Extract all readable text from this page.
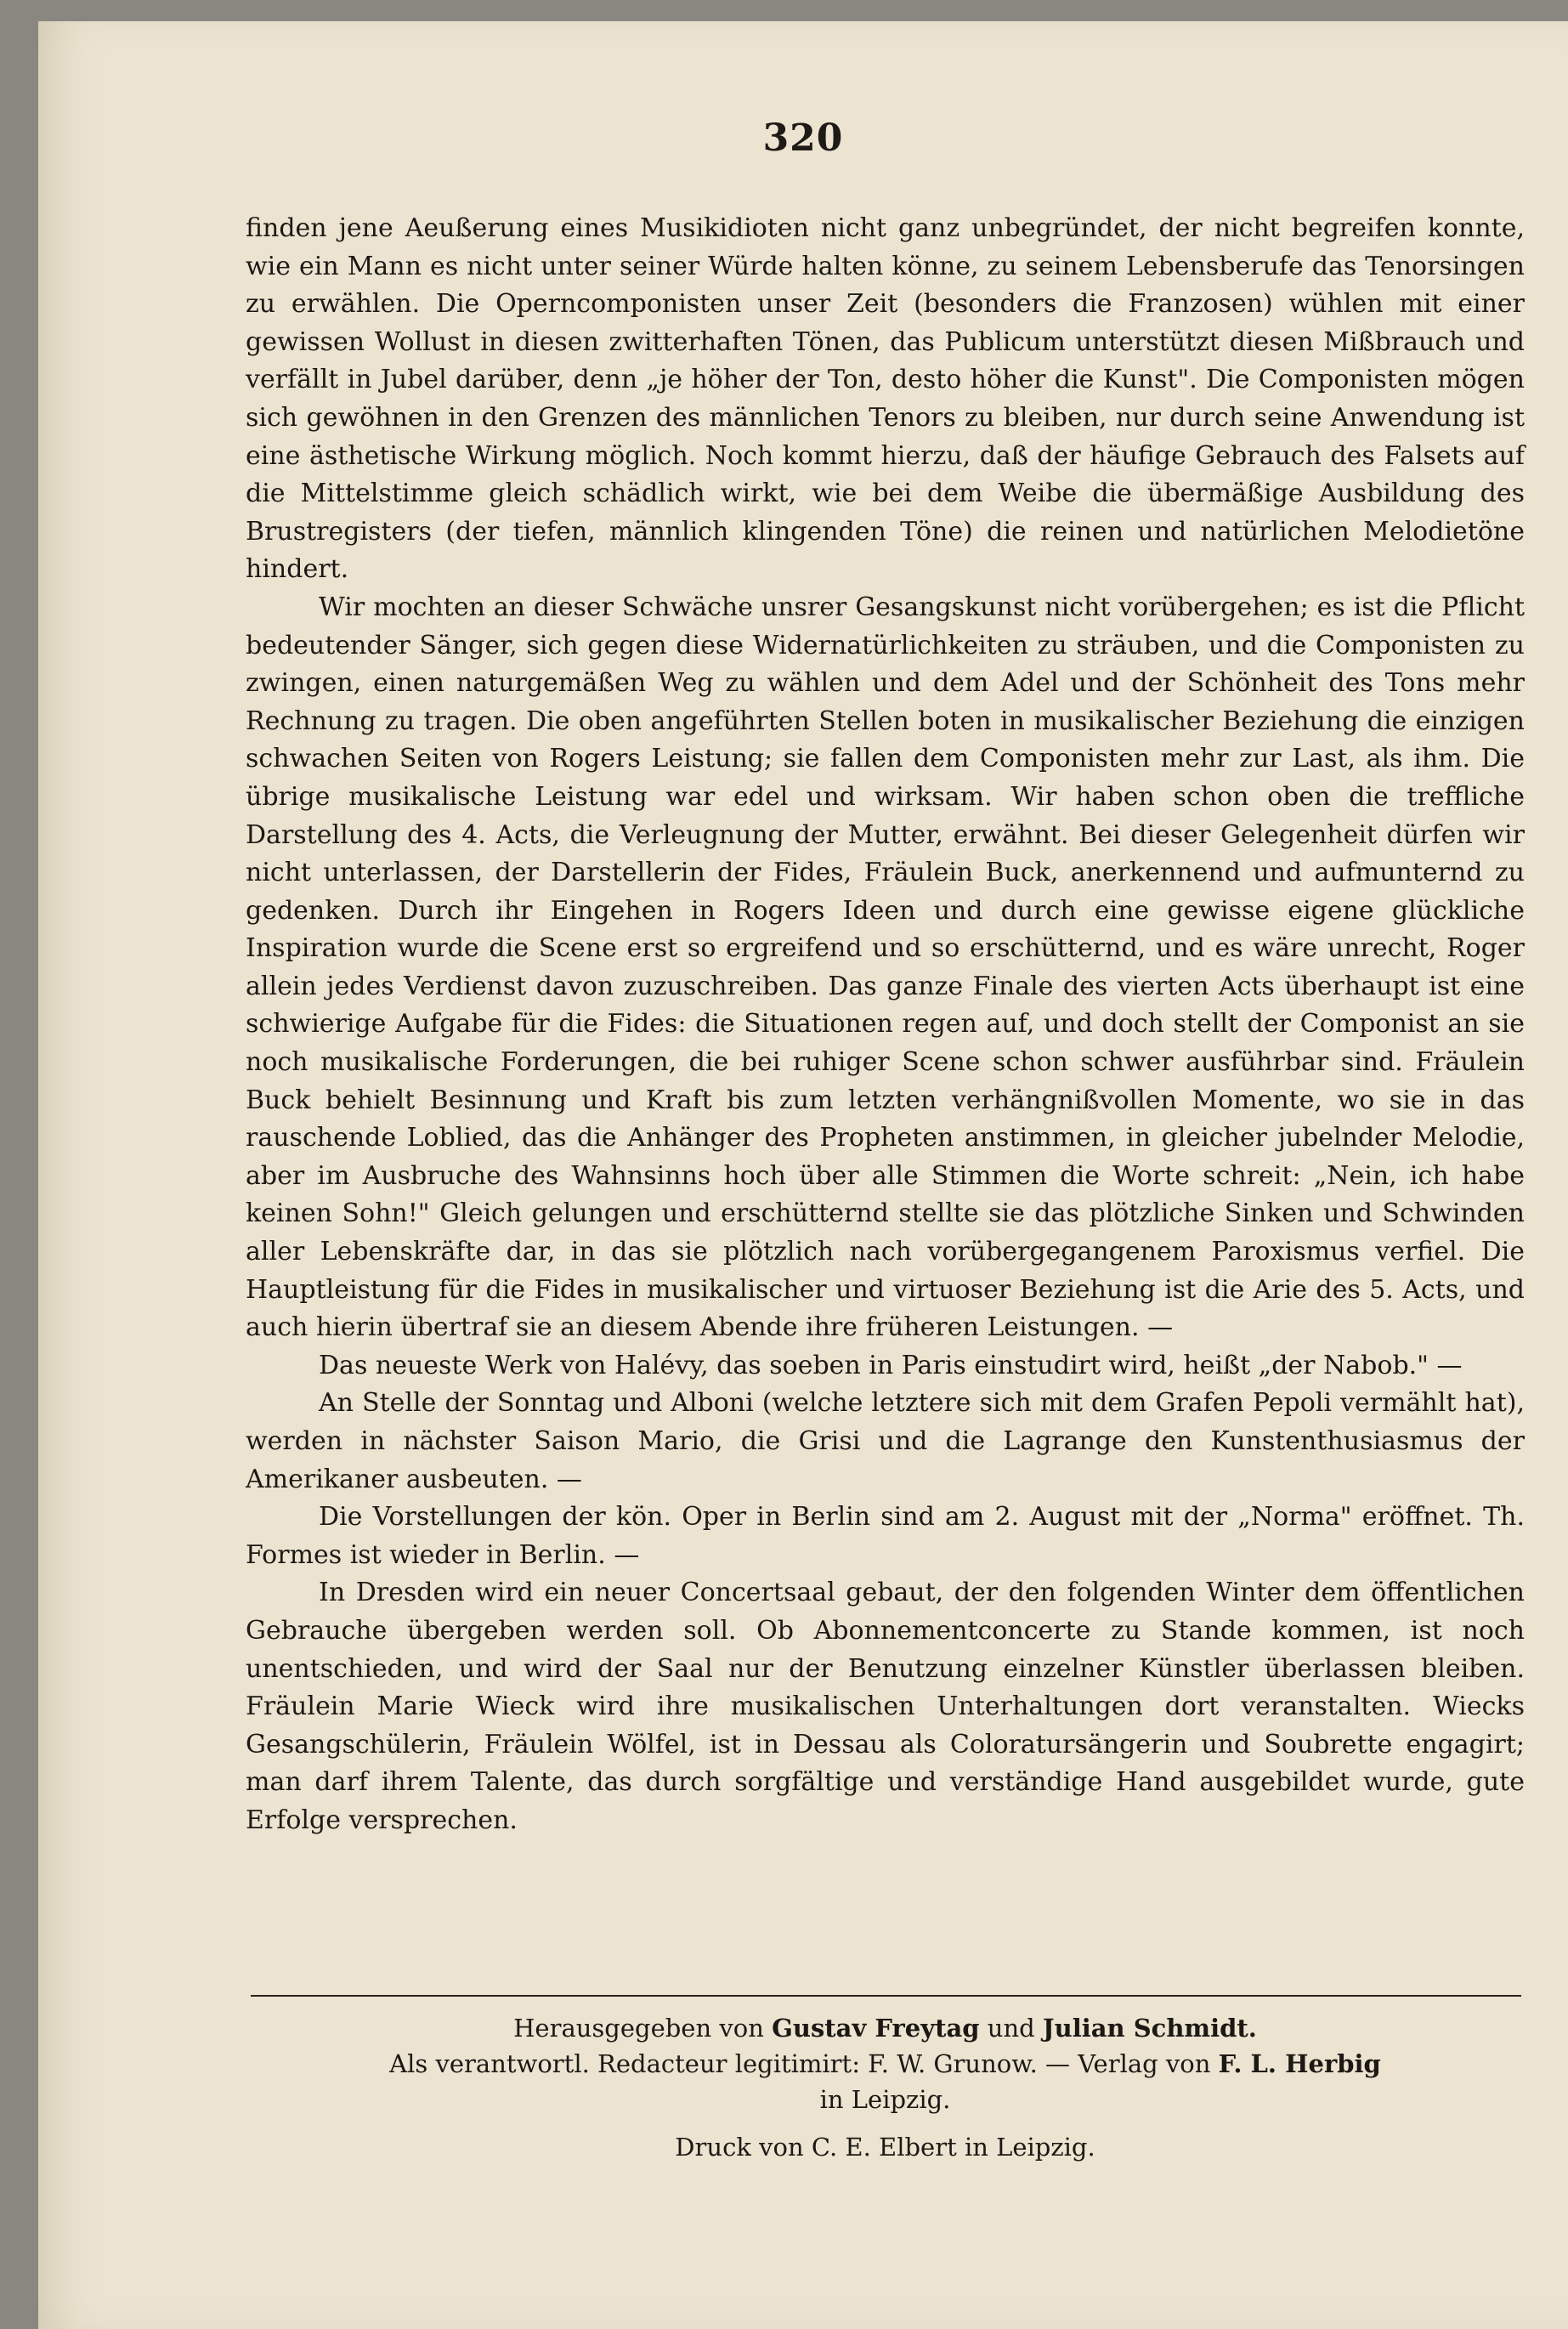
320

finden jene Aeußerung eines Musikidioten nicht ganz unbegründet, der nicht begreifen konnte, wie ein Mann es nicht unter seiner Würde halten könne, zu seinem Lebensberufe das Tenorsingen zu erwählen. Die Operncomponisten unser Zeit (besonders die Franzosen) wühlen mit einer gewissen Wollust in diesen zwitterhaften Tönen, das Publicum unterstützt diesen Mißbrauch und verfällt in Jubel darüber, denn „je höher der Ton, desto höher die Kunst". Die Componisten mögen sich gewöhnen in den Grenzen des männlichen Tenors zu bleiben, nur durch seine Anwendung ist eine ästhetische Wirkung möglich. Noch kommt hierzu, daß der häufige Gebrauch des Falsets auf die Mittelstimme gleich schädlich wirkt, wie bei dem Weibe die übermäßige Ausbildung des Brustregisters (der tiefen, männlich klingenden Töne) die reinen und natürlichen Melodietöne hindert.

Wir mochten an dieser Schwäche unsrer Gesangskunst nicht vorübergehen; es ist die Pflicht bedeutender Sänger, sich gegen diese Widernatürlichkeiten zu sträuben, und die Componisten zu zwingen, einen naturgemäßen Weg zu wählen und dem Adel und der Schönheit des Tons mehr Rechnung zu tragen. Die oben angeführten Stellen boten in musikalischer Beziehung die einzigen schwachen Seiten von Rogers Leistung; sie fallen dem Componisten mehr zur Last, als ihm. Die übrige musikalische Leistung war edel und wirksam. Wir haben schon oben die treffliche Darstellung des 4. Acts, die Verleugnung der Mutter, erwähnt. Bei dieser Gelegenheit dürfen wir nicht unterlassen, der Darstellerin der Fides, Fräulein Buck, anerkennend und aufmunternd zu gedenken. Durch ihr Eingehen in Rogers Ideen und durch eine gewisse eigene glückliche Inspiration wurde die Scene erst so ergreifend und so erschütternd, und es wäre unrecht, Roger allein jedes Verdienst davon zuzuschreiben. Das ganze Finale des vierten Acts überhaupt ist eine schwierige Aufgabe für die Fides: die Situationen regen auf, und doch stellt der Componist an sie noch musikalische Forderungen, die bei ruhiger Scene schon schwer ausführbar sind. Fräulein Buck behielt Besinnung und Kraft bis zum letzten verhängnißvollen Momente, wo sie in das rauschende Loblied, das die Anhänger des Propheten anstimmen, in gleicher jubelnder Melodie, aber im Ausbruche des Wahnsinns hoch über alle Stimmen die Worte schreit: „Nein, ich habe keinen Sohn!" Gleich gelungen und erschütternd stellte sie das plötzliche Sinken und Schwinden aller Lebenskräfte dar, in das sie plötzlich nach vorübergegangenem Paroxismus verfiel. Die Hauptleistung für die Fides in musikalischer und virtuoser Beziehung ist die Arie des 5. Acts, und auch hierin übertraf sie an diesem Abende ihre früheren Leistungen. —

Das neueste Werk von Halévy, das soeben in Paris einstudirt wird, heißt „der Nabob." —

An Stelle der Sonntag und Alboni (welche letztere sich mit dem Grafen Pepoli vermählt hat), werden in nächster Saison Mario, die Grisi und die Lagrange den Kunstenthusiasmus der Amerikaner ausbeuten. —

Die Vorstellungen der kön. Oper in Berlin sind am 2. August mit der „Norma" eröffnet. Th. Formes ist wieder in Berlin. —

In Dresden wird ein neuer Concertsaal gebaut, der den folgenden Winter dem öffentlichen Gebrauche übergeben werden soll. Ob Abonnementconcerte zu Stande kommen, ist noch unentschieden, und wird der Saal nur der Benutzung einzelner Künstler überlassen bleiben. Fräulein Marie Wieck wird ihre musikalischen Unterhaltungen dort veranstalten. Wiecks Gesangschülerin, Fräulein Wölfel, ist in Dessau als Coloratursängerin und Soubrette engagirt; man darf ihrem Talente, das durch sorgfältige und verständige Hand ausgebildet wurde, gute Erfolge versprechen.

Herausgegeben von Gustav Freytag und Julian Schmidt.
Als verantwortl. Redacteur legitimirt: F. W. Grunow. — Verlag von F. L. Herbig
in Leipzig.
Druck von C. E. Elbert in Leipzig.
